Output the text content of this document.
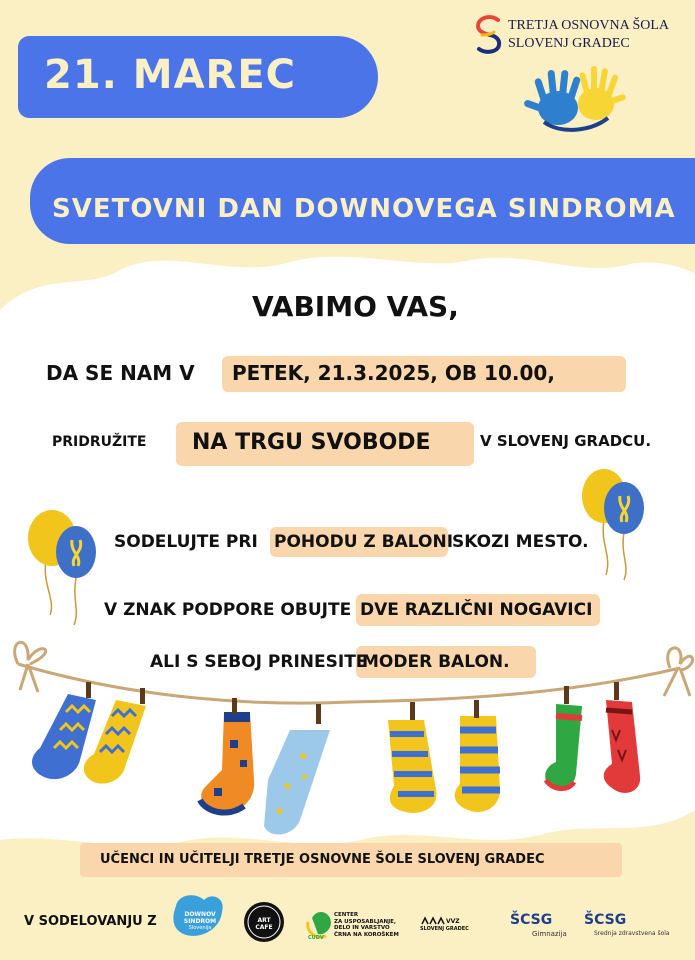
TRETJA OSNOVNA ŠOLA
SLOVENJ GRADEC
21. MAREC
SVETOVNI DAN DOWNOVEGA SINDROMA
VABIMO VAS,
DA SE NAM V PETEK, 21.3.2025, OB 10.00,
PRIDRUŽITE NA TRGU SVOBODE	V SLOVENJ GRADCU.
SODELUJTE PRI POHODU Z BALONI
SKOZI MESTO.
V ZNAK PODPORE OBUJTE DVE RAZLIČNI NOGAVICI
ALI S SEBOJ PRINESITE
MODER BALON.
★
★
★
★
UČENCI IN UČITELJI TRETJE OSNOVNE ŠOLE SLOVENJ GRADEC
V SODELOVANJU Z	DOWNOV
SINDROM
Slovenija
ART CAFE
CUDV
CENTER
ZA USPOSABLJANJE,
DELO IN VARSTVO
ČRNA NA KOROŠKEM
VVZ
SLOVENJ GRADEC
ŠCSG
Gimnazija
ŠCSG
Srednja zdravstvena šola
